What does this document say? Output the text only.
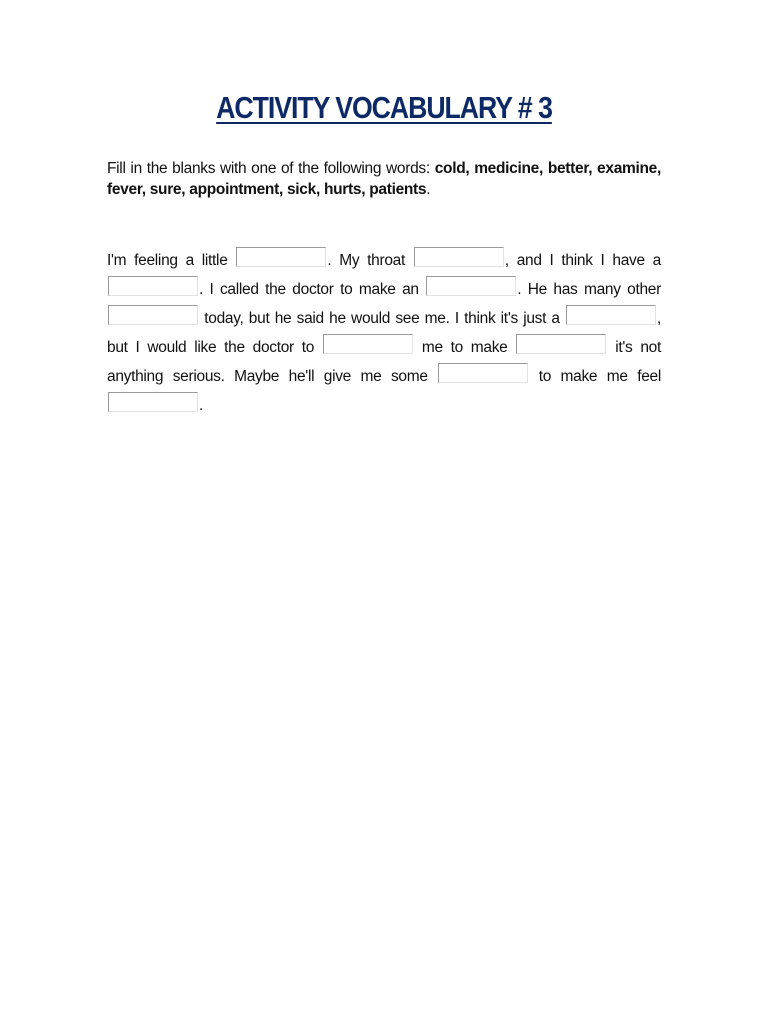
ACTIVITY VOCABULARY # 3
Fill in the blanks with one of the following words: cold, medicine, better, examine, fever, sure, appointment, sick, hurts, patients.
I'm feeling a little	. My throat	, and I think I have a . I called the doctor to make an	. He has many other  today, but he said he would see me. I think it's just a	, but I would like the doctor to	me to make	it's not anything serious. Maybe he'll give me some	to make me feel .
